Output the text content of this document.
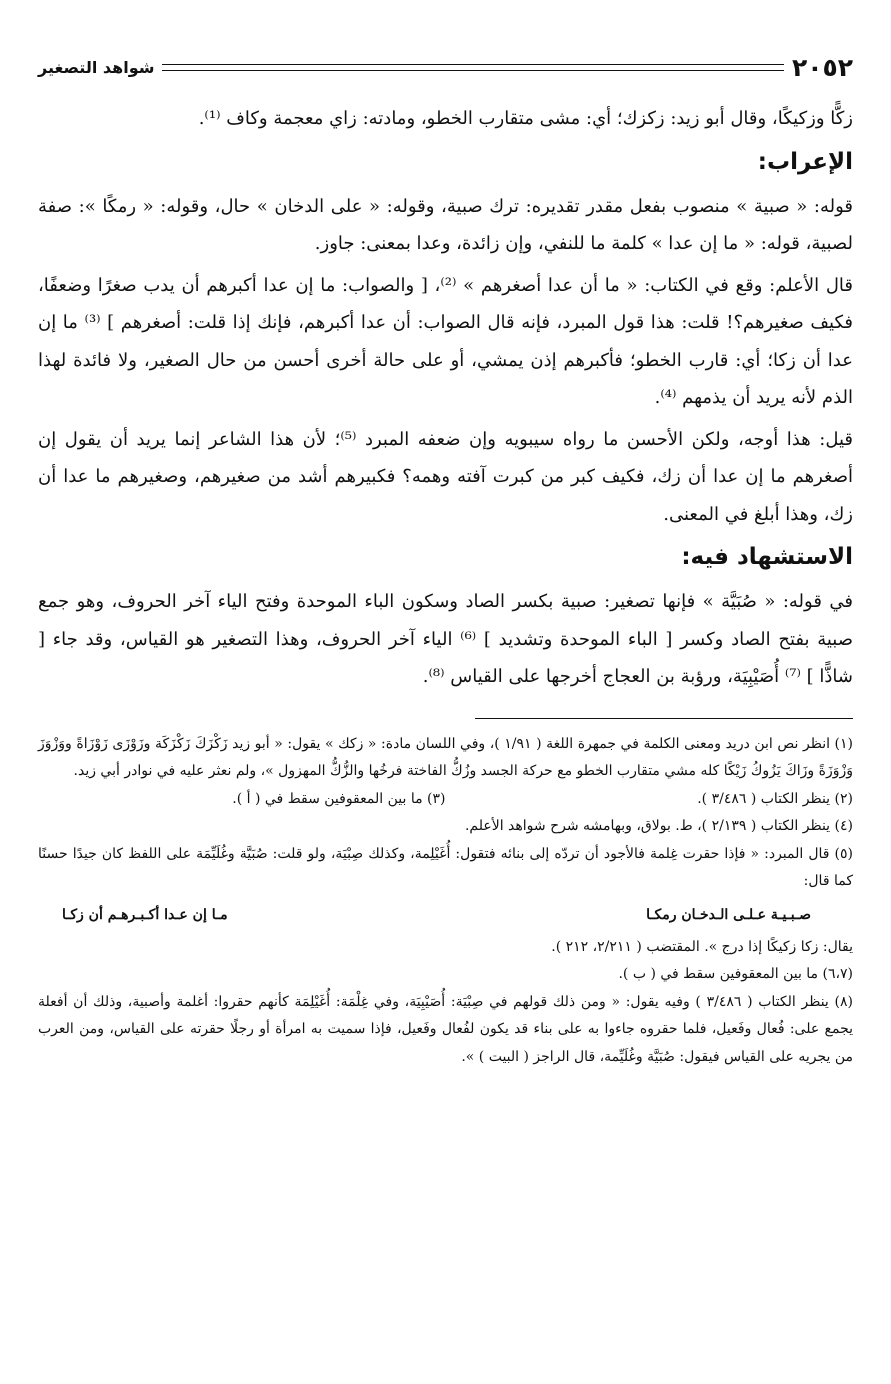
٢٠٥٢
شواهد التصغير

زكًّا وزكيكًا، وقال أبو زيد: زكزك؛ أي: مشى متقارب الخطو، ومادته: زاي معجمة وكاف ⁽¹⁾.

الإعراب:

قوله: « صبية » منصوب بفعل مقدر تقديره: ترك صبية، وقوله: « على الدخان » حال، وقوله: « رمكًا »: صفة لصبية، قوله: « ما إن عدا » كلمة ما للنفي، وإن زائدة، وعدا بمعنى: جاوز.

قال الأعلم: وقع في الكتاب: « ما أن عدا أصغرهم » ⁽²⁾، [ والصواب: ما إن عدا أكبرهم أن يدب صغرًا وضعفًا، فكيف صغيرهم؟! قلت: هذا قول المبرد، فإنه قال الصواب: أن عدا أكبرهم، فإنك إذا قلت: أصغرهم ] ⁽³⁾ ما إن عدا أن زكا؛ أي: قارب الخطو؛ فأكبرهم إذن يمشي، أو على حالة أخرى أحسن من حال الصغير، ولا فائدة لهذا الذم لأنه يريد أن يذمهم ⁽⁴⁾.

قيل: هذا أوجه، ولكن الأحسن ما رواه سيبويه وإن ضعفه المبرد ⁽⁵⁾؛ لأن هذا الشاعر إنما يريد أن يقول إن أصغرهم ما إن عدا أن زك، فكيف كبر من كبرت آفته وهمه؟ فكبيرهم أشد من صغيرهم، وصغيرهم ما عدا أن زك، وهذا أبلغ في المعنى.

الاستشهاد فيه:

في قوله: « صُبَيَّة » فإنها تصغير: صبية بكسر الصاد وسكون الباء الموحدة وفتح الياء آخر الحروف، وهو جمع صبية بفتح الصاد وكسر [ الباء الموحدة وتشديد ] ⁽⁶⁾ الياء آخر الحروف، وهذا التصغير هو القياس، وقد جاء [ شاذًّا ] ⁽⁷⁾ أُصَيْبِيَة، ورؤبة بن العجاج أخرجها على القياس ⁽⁸⁾.

(١) انظر نص ابن دريد ومعنى الكلمة في جمهرة اللغة ( ١/٩١ )، وفي اللسان مادة: « زكك » يقول: « أبو زيد زَكْزَكَ زَكْزَكَة وزَوْزَى زَوْزَاةً ووَزْوَزَ وَزْوَزَةً وزَاكَ يَزُوكُ زَيْكًا كله مشي متقارب الخطو مع حركة الجسد وزُكُّ الفاختة فرخُها والزُّكُّ المهزول »، ولم نعثر عليه في نوادر أبي زيد.

(٢) ينظر الكتاب ( ٣/٤٨٦ ).

(٣) ما بين المعقوفين سقط في ( أ ).

(٤) ينظر الكتاب ( ٢/١٣٩ )، ط. بولاق، وبهامشه شرح شواهد الأعلم.

(٥) قال المبرد: « فإذا حقرت غِلمة فالأجود أن تردّه إلى بنائه فتقول: أُغَيْلِمة، وكذلك صِبْيَة، ولو قلت: صُبَيَّة وغُلَيِّمَة على اللفظ كان جيدًا حسنًا كما قال:

صـبـيـة عـلـى الـدخـان رمكـا
مـا إن عـدا أكـبـرهـم أن زكـا

يقال: زكا زكيكًا إذا درج ». المقتضب ( ٢/٢١١، ٢١٢ ).

(٦،٧) ما بين المعقوفين سقط في ( ب ).

(٨) ينظر الكتاب ( ٣/٤٨٦ ) وفيه يقول: « ومن ذلك قولهم في صِبْيَة: أُصَيْبِيَة، وفي غِلْمَة: أُغَيْلِمَة كأنهم حقروا: أغلمة وأصبية، وذلك أن أفعلة يجمع على: فُعال وفَعيل، فلما حقروه جاءوا به على بناء قد يكون لفُعال وفَعيل، فإذا سميت به امرأة أو رجلًا حقرته على القياس، ومن العرب من يجريه على القياس فيقول: صُبَيَّة وغُلَيِّمة، قال الراجز ( البيت ) ».
